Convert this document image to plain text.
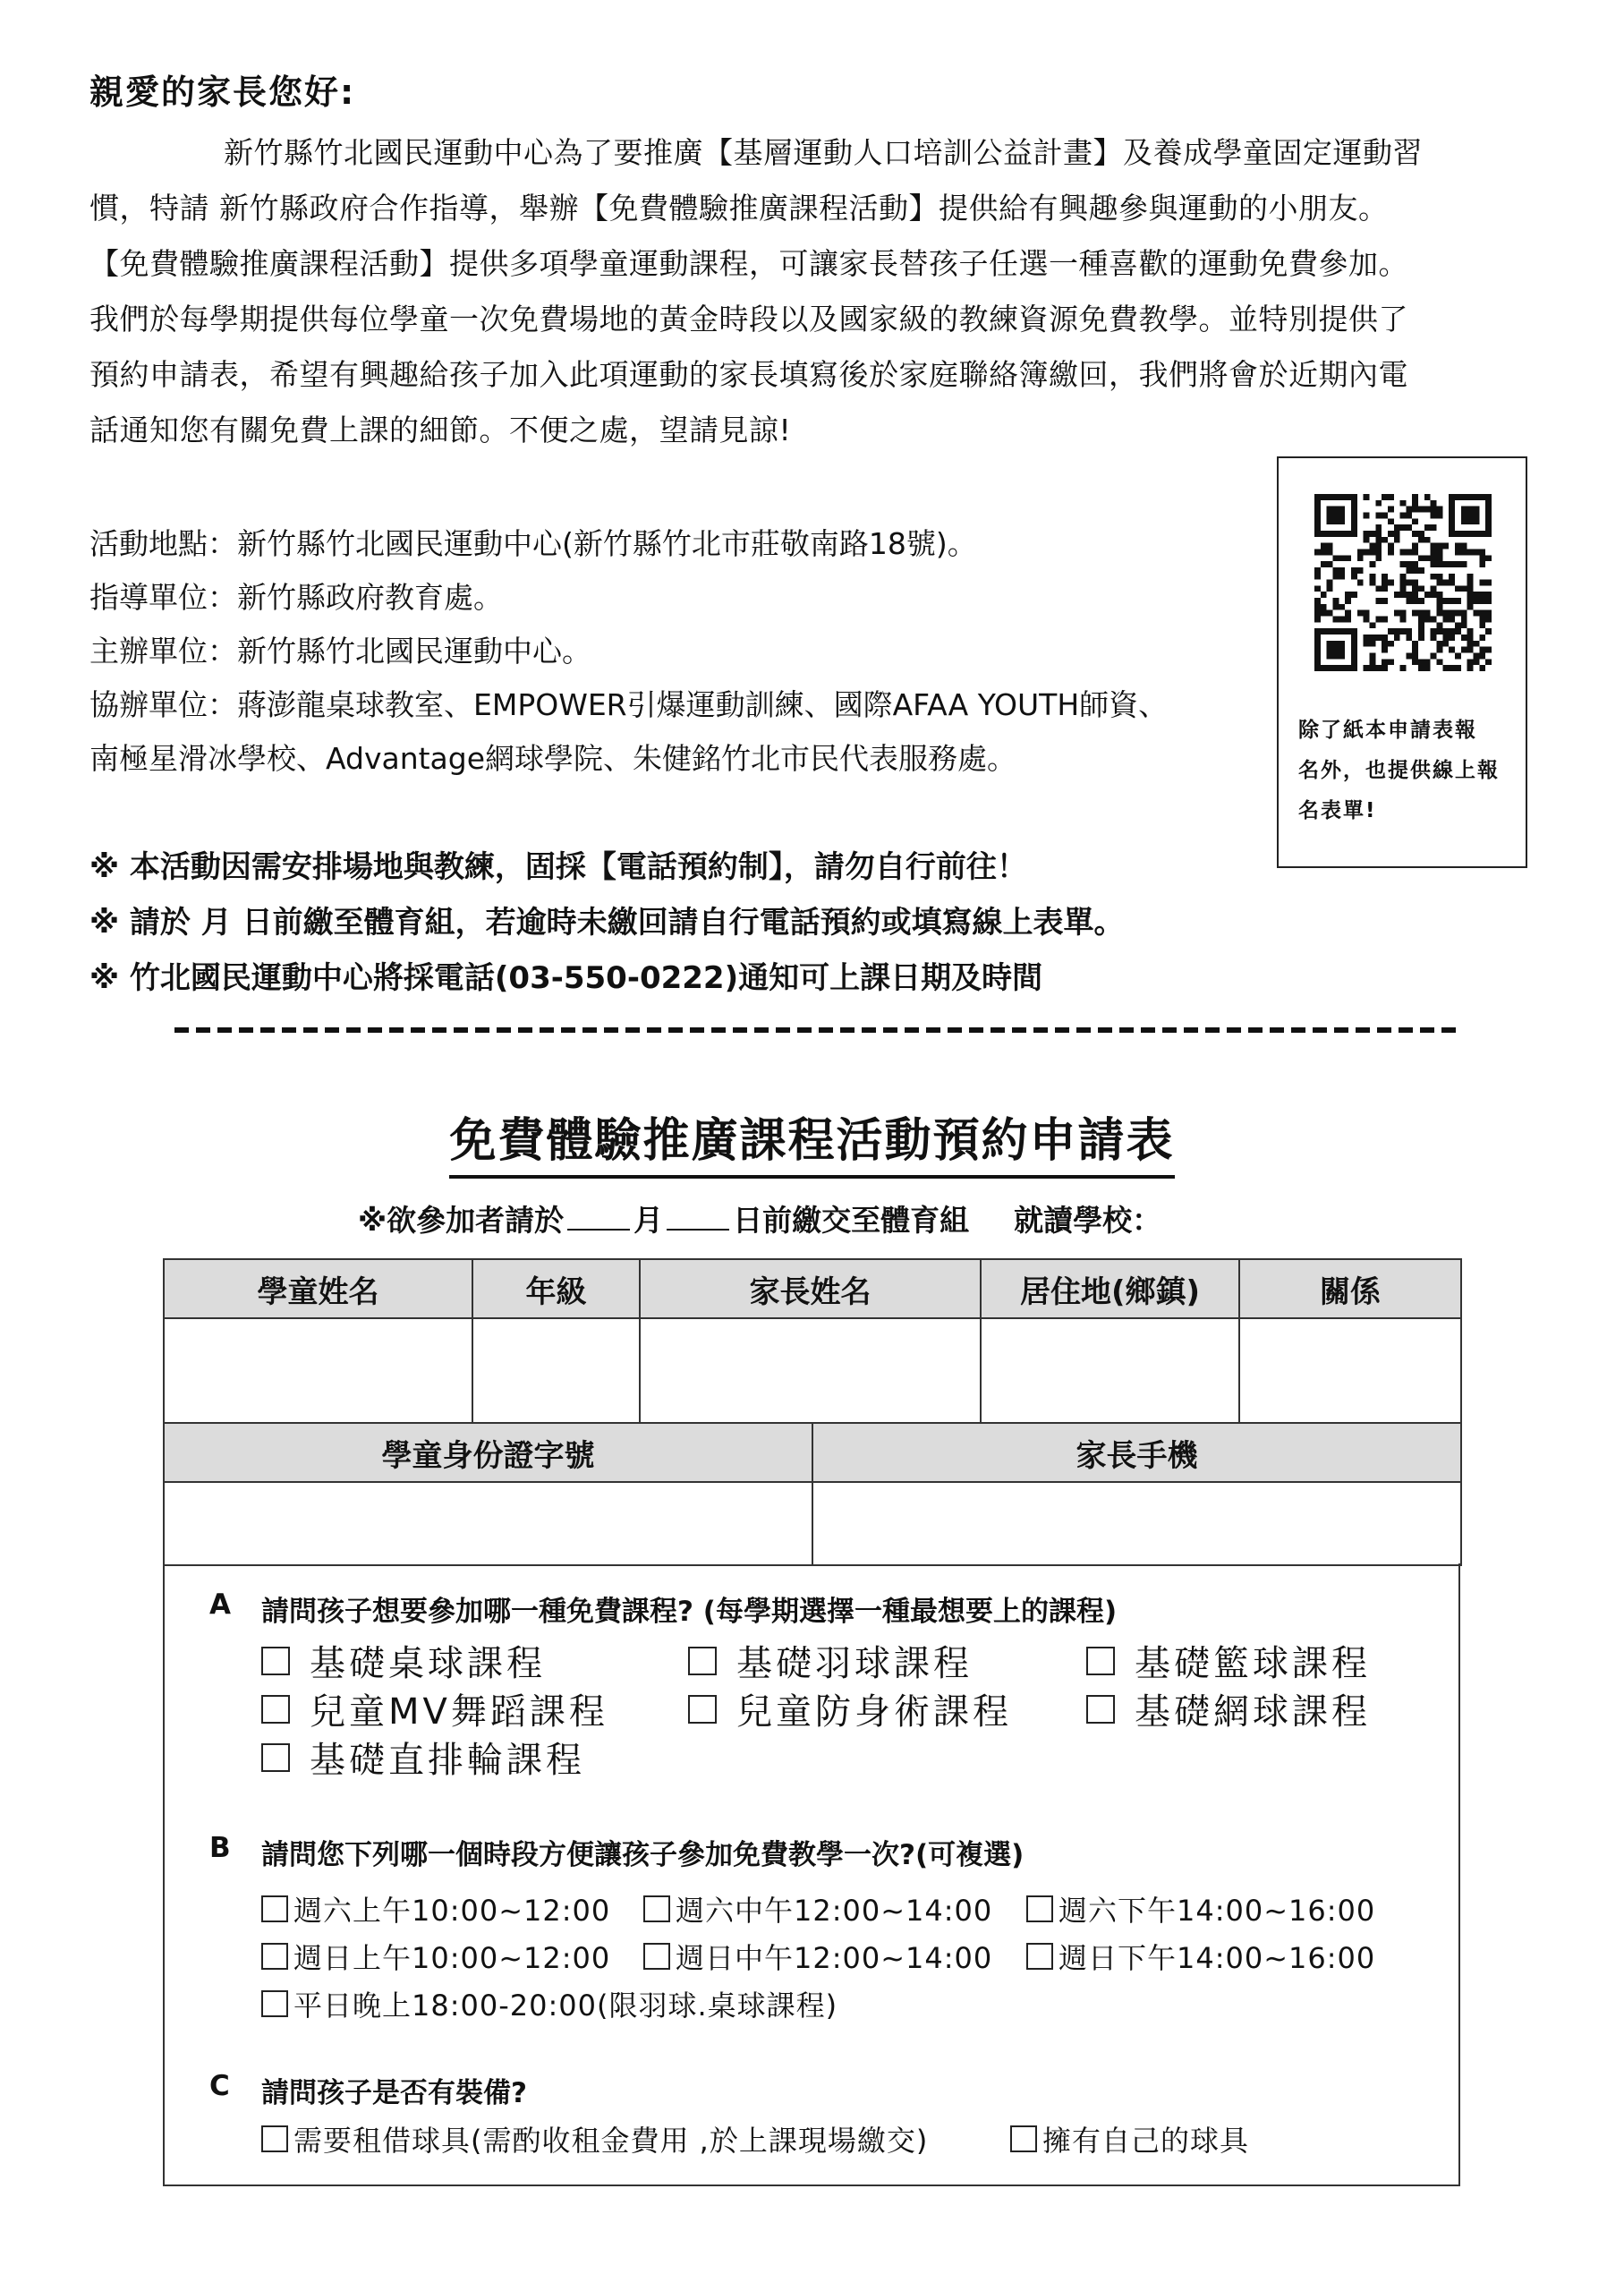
親愛的家長您好:

新竹縣竹北國民運動中心為了要推廣【基層運動人口培訓公益計畫】及養成學童固定運動習

慣，特請 新竹縣政府合作指導，舉辦【免費體驗推廣課程活動】提供給有興趣參與運動的小朋友。

【免費體驗推廣課程活動】提供多項學童運動課程，可讓家長替孩子任選一種喜歡的運動免費參加。

我們於每學期提供每位學童一次免費場地的黃金時段以及國家級的教練資源免費教學。並特別提供了

預約申請表，希望有興趣給孩子加入此項運動的家長填寫後於家庭聯絡簿繳回，我們將會於近期內電

話通知您有關免費上課的細節。不便之處，望請見諒!

活動地點：新竹縣竹北國民運動中心(新竹縣竹北市莊敬南路18號)。
指導單位：新竹縣政府教育處。
主辦單位：新竹縣竹北國民運動中心。
協辦單位：蔣澎龍桌球教室、EMPOWER引爆運動訓練、國際AFAA YOUTH師資、
南極星滑冰學校、Advantage網球學院、朱健銘竹北市民代表服務處。
除了紙本申請表報
名外，也提供線上報
名表單!
※ 本活動因需安排場地與教練，固採【電話預約制】，請勿自行前往！
※ 請於 月 日前繳至體育組，若逾時未繳回請自行電話預約或填寫線上表單。
※ 竹北國民運動中心將採電話(03-550-0222)通知可上課日期及時間
免費體驗推廣課程活動預約申請表
※欲參加者請於 月 日前繳交至體育組 就讀學校：
學童姓名	年級	家長姓名	居住地(鄉鎮)	關係

學童身份證字號	家長手機

A 請問孩子想要參加哪一種免費課程? (每學期選擇一種最想要上的課程)
基礎桌球課程	基礎羽球課程	基礎籃球課程
兒童MV舞蹈課程	兒童防身術課程	基礎網球課程
基礎直排輪課程
B 請問您下列哪一個時段方便讓孩子參加免費教學一次?(可複選)
週六上午10:00~12:00 週六中午12:00~14:00 週六下午14:00~16:00
週日上午10:00~12:00 週日中午12:00~14:00 週日下午14:00~16:00
平日晚上18:00-20:00(限羽球.桌球課程)
C 請問孩子是否有裝備?
需要租借球具(需酌收租金費用 ,於上課現場繳交)	擁有自己的球具
